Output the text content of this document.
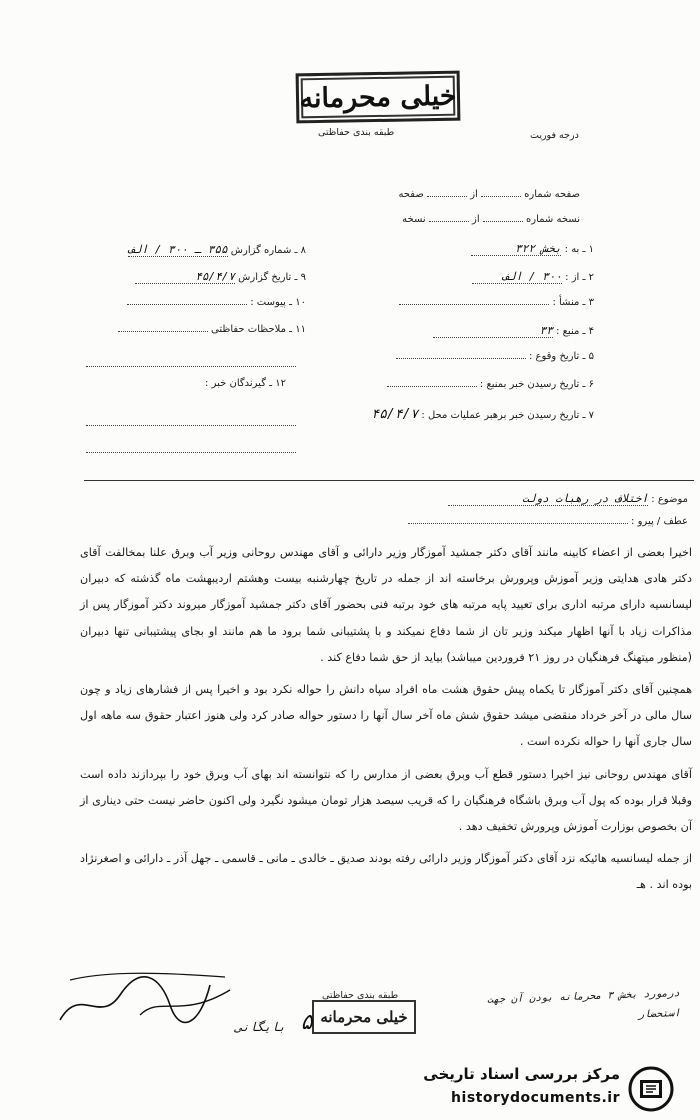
خیلی محرمانه
درجه فوریت
طبقه بندی حفاظتی
صفحه شماره  از  صفحه
نسخه شماره  از  نسخه
۱ ـ به : بخش ۳۲۲
۲ ـ از : ۳۰۰ / الف
۳ ـ منشأ :
۴ ـ منبع : ۳۳
۵ ـ تاریخ وقوع :
۶ ـ تاریخ رسیدن خبر بمنبع :
۷ ـ تاریخ رسیدن خبر برهبر عملیات محل : ۴۵/۴/۷
۸ ـ شماره گزارش ۳۵۵ ـ ۳۰۰ / الف
۹ ـ تاریخ گزارش ۴۵/۴/۷
۱۰ ـ پیوست :
۱۱ ـ ملاحظات حفاظتی
۱۲ ـ گیرندگان خبر :
موضوع : اختلاف در رهبات دولت
عطف / پیرو :

اخیرا بعضی از اعضاء کابینه مانند آقای دکتر جمشید آموزگار وزیر دارائی و آقای مهندس روحانی وزیر آب وبرق علنا بمخالفت آقای دکتر هادی هدایتی وزیر آموزش وپرورش برخاسته اند از جمله در تاریخ چهارشنبه بیست وهشتم اردیبهشت ماه گذشته که دبیران لیسانسیه دارای مرتبه اداری برای تعیید پایه مرتبه های خود برتبه فنی بحضور آقای دکتر جمشید آموزگار میروند دکتر آموزگار پس از مذاکرات زیاد با آنها اظهار میکند وزیر تان از شما دفاع نمیکند و با پشتیبانی شما برود ما هم مانند او بجای پیشتیبانی تنها دبیران (منظور میتهنگ فرهنگیان در روز ۲۱ فروردین میباشد) بیاید از حق شما دفاع کند .

همچنین آقای دکتر آموزگار تا یکماه پیش حقوق هشت ماه افراد سپاه دانش را حواله نکرد بود و اخیرا پس از فشارهای زیاد و چون سال مالی در آخر خرداد منقضی میشد حقوق شش ماه آخر سال آنها را دستور حواله صادر کرد ولی هنوز اعتبار حقوق سه ماهه اول سال جاری آنها را حواله نکرده است .

آقای مهندس روحانی نیز اخیرا دستور قطع آب وبرق بعضی از مدارس را که نتوانسته اند بهای آب وبرق خود را بپردازند داده است وقبلا قرار بوده که پول آب وبرق باشگاه فرهنگیان را که قریب سیصد هزار تومان میشود نگیرد ولی اکنون حاضر نیست حتی دیناری از آن بخصوص بوزارت آموزش وپرورش تخفیف دهد .

از جمله لیسانسیه هائیکه نزد آقای دکتر آموزگار وزیر دارائی رفته بودند صدیق ـ خالدی ـ مانی ـ قاسمی ـ جهل آذر ـ دارائی و اصغرنژاد بوده اند . هـ

طبقه بندی حفاظتی
خیلی محرمانه
۵
درمورد بخش ۳ محرمانه بودن آن جهت استحضار
بایگانی
مرکز بررسی اسناد تاریخی
historydocuments.ir
